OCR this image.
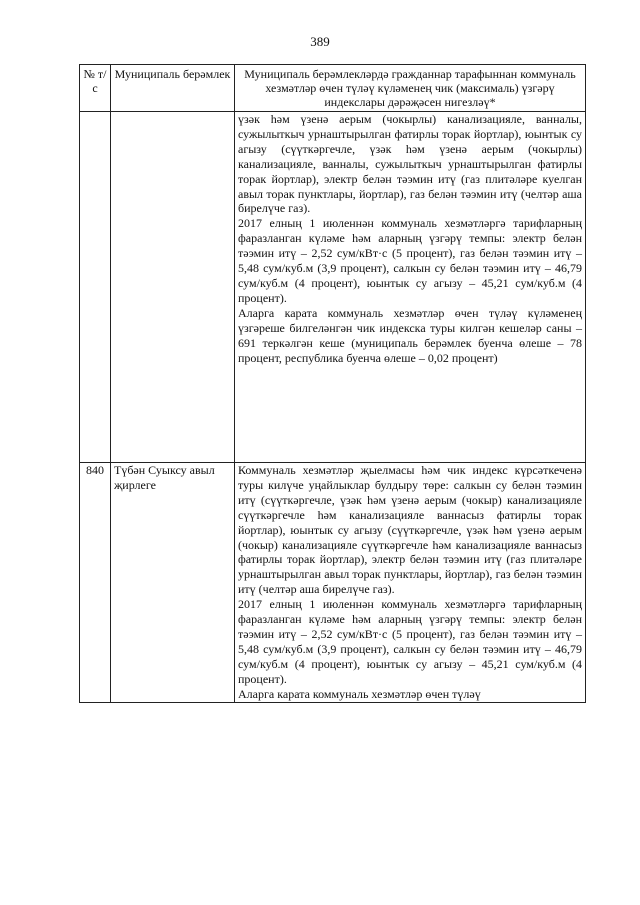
389
№ т/с	Муниципаль берәмлек	Муниципаль берәмлекләрдә гражданнар тарафыннан коммуналь хезмәтләр өчен түләү күләменең чик (максималь) үзгәрү индекслары дәрәҗәсен нигезләү*

		үзәк һәм үзенә аерым (чокырлы) канализацияле, ванналы, сужылыткыч урнаштырылган фатирлы торак йортлар), юынтык су агызу (сүүткәргечле, үзәк һәм үзенә аерым (чокырлы) канализацияле, ванналы, сужылыткыч урнаштырылган фатирлы торак йортлар), электр белән тәэмин итү (газ плитәләре куелган авыл торак пунктлары, йортлар), газ белән тәэмин итү (челтәр аша бирелүче газ).

2017 елның 1 июленнән коммуналь хезмәтләргә тарифларның фаразланган күләме һәм аларның үзгәрү темпы: электр белән тәэмин итү – 2,52 сум/кВт·с (5 процент), газ белән тәэмин итү – 5,48 сум/куб.м (3,9 процент), салкын су белән тәэмин итү – 46,79 сум/куб.м (4 процент), юынтык су агызу – 45,21 сум/куб.м (4 процент).

Аларга карата коммуналь хезмәтләр өчен түләү күләменең үзгәреше билгеләнгән чик индекска туры килгән кешеләр саны – 691 теркәлгән кеше (муниципаль берәмлек буенча өлеше – 78 процент, республика буенча өлеше – 0,02 процент)

840	Түбән Суыксу авыл җирлеге	Коммуналь хезмәтләр җыелмасы һәм чик индекс күрсәткеченә туры килүче уңайлыклар булдыру төре: салкын су белән тәэмин итү (сүүткәргечле, үзәк һәм үзенә аерым (чокыр) канализацияле сүүткәргечле һәм канализацияле ваннасыз фатирлы торак йортлар), юынтык су агызу (сүүткәргечле, үзәк һәм үзенә аерым (чокыр) канализацияле сүүткәргечле һәм канализацияле ваннасыз фатирлы торак йортлар), электр белән тәэмин итү (газ плитәләре урнаштырылган авыл торак пунктлары, йортлар), газ белән тәэмин итү (челтәр аша бирелүче газ).

2017 елның 1 июленнән коммуналь хезмәтләргә тарифларның фаразланган күләме һәм аларның үзгәрү темпы: электр белән тәэмин итү – 2,52 сум/кВт·с (5 процент), газ белән тәэмин итү – 5,48 сум/куб.м (3,9 процент), салкын су белән тәэмин итү – 46,79 сум/куб.м (4 процент), юынтык су агызу – 45,21 сум/куб.м (4 процент).

Аларга карата коммуналь хезмәтләр өчен түләү
